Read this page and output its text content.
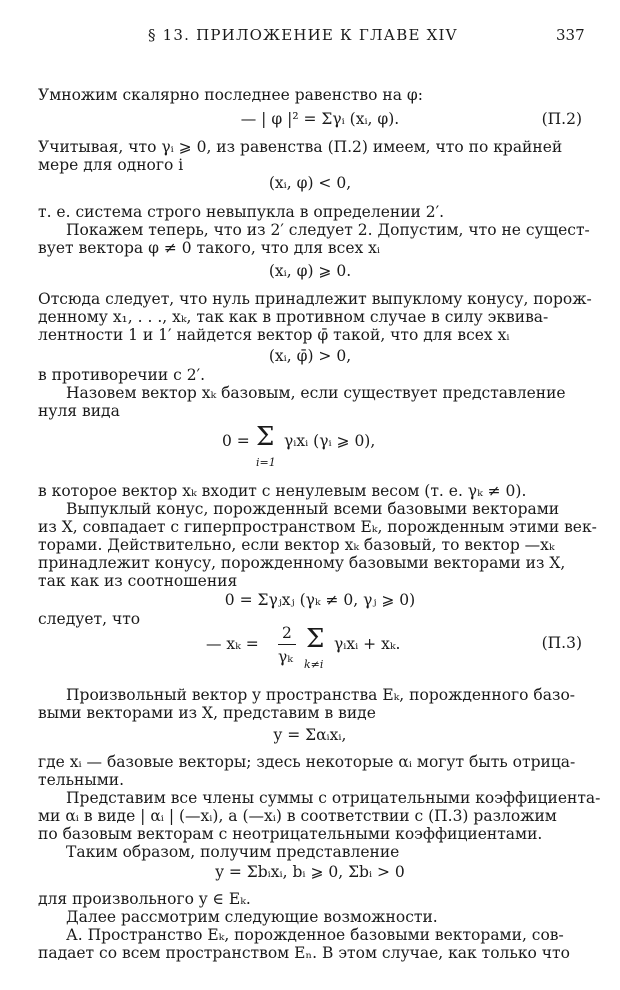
§ 13. ПРИЛОЖЕНИЕ К ГЛАВЕ XIV	337
Умножим скалярно последнее равенство на φ:
— | φ |² = Σγᵢ (xᵢ, φ).	(П.2)
Учитывая, что γᵢ ⩾ 0, из равенства (П.2) имеем, что по крайней
мере для одного i
(xᵢ, φ) < 0,
т. е. система строго невыпукла в определении 2′.
Покажем теперь, что из 2′ следует 2. Допустим, что не сущест-
вует вектора φ ≠ 0 такого, что для всех xᵢ
(xᵢ, φ) ⩾ 0.
Отсюда следует, что нуль принадлежит выпуклому конусу, порож-
денному x₁, . . ., xₖ, так как в противном случае в силу эквива-
лентности 1 и 1′ найдется вектор φ̄ такой, что для всех xᵢ
(xᵢ, φ̄) > 0,
в противоречии с 2′.
Назовем вектор xₖ базовым, если существует представление
нуля вида
0 = Σ
i=1
γᵢxᵢ (γᵢ ⩾ 0),
в которое вектор xₖ входит с ненулевым весом (т. е. γₖ ≠ 0).
Выпуклый конус, порожденный всеми базовыми векторами
из X, совпадает с гиперпространством Eₖ, порожденным этими век-
торами. Действительно, если вектор xₖ базовый, то вектор —xₖ
принадлежит конусу, порожденному базовыми векторами из X,
так как из соотношения
0 = Σγⱼxⱼ (γₖ ≠ 0, γⱼ ⩾ 0)
следует, что
— xₖ =
2
γₖ
Σ
k≠i
γᵢxᵢ + xₖ.	(П.3)
Произвольный вектор y пространства Eₖ, порожденного базо-
выми векторами из X, представим в виде
y = Σαᵢxᵢ,
где xᵢ — базовые векторы; здесь некоторые αᵢ могут быть отрица-
тельными.
Представим все члены суммы с отрицательными коэффициента-
ми αᵢ в виде | αᵢ | (—xᵢ), а (—xᵢ) в соответствии с (П.3) разложим
по базовым векторам с неотрицательными коэффициентами.
Таким образом, получим представление
y = Σbᵢxᵢ, bᵢ ⩾ 0, Σbᵢ > 0
для произвольного y ∈ Eₖ.
Далее рассмотрим следующие возможности.
А. Пространство Eₖ, порожденное базовыми векторами, сов-
падает со всем пространством Eₙ. В этом случае, как только что
